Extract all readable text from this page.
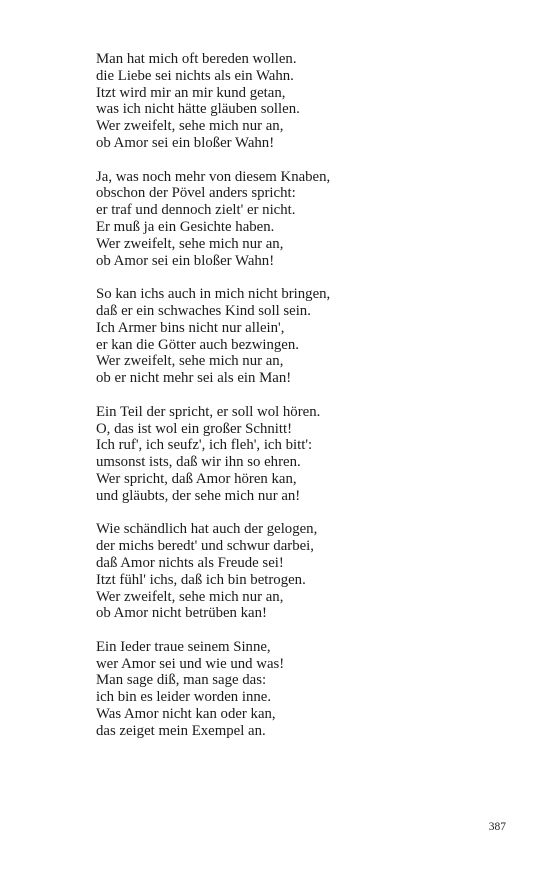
Man hat mich oft bereden wollen.
die Liebe sei nichts als ein Wahn.
Itzt wird mir an mir kund getan,
was ich nicht hätte gläuben sollen.
Wer zweifelt, sehe mich nur an,
ob Amor sei ein bloßer Wahn!
Ja, was noch mehr von diesem Knaben,
obschon der Pövel anders spricht:
er traf und dennoch zielt' er nicht.
Er muß ja ein Gesichte haben.
Wer zweifelt, sehe mich nur an,
ob Amor sei ein bloßer Wahn!
So kan ichs auch in mich nicht bringen,
daß er ein schwaches Kind soll sein.
Ich Armer bins nicht nur allein',
er kan die Götter auch bezwingen.
Wer zweifelt, sehe mich nur an,
ob er nicht mehr sei als ein Man!
Ein Teil der spricht, er soll wol hören.
O, das ist wol ein großer Schnitt!
Ich ruf', ich seufz', ich fleh', ich bitt':
umsonst ists, daß wir ihn so ehren.
Wer spricht, daß Amor hören kan,
und gläubts, der sehe mich nur an!
Wie schändlich hat auch der gelogen,
der michs beredt' und schwur darbei,
daß Amor nichts als Freude sei!
Itzt fühl' ichs, daß ich bin betrogen.
Wer zweifelt, sehe mich nur an,
ob Amor nicht betrüben kan!
Ein Ieder traue seinem Sinne,
wer Amor sei und wie und was!
Man sage diß, man sage das:
ich bin es leider worden inne.
Was Amor nicht kan oder kan,
das zeiget mein Exempel an.
387
